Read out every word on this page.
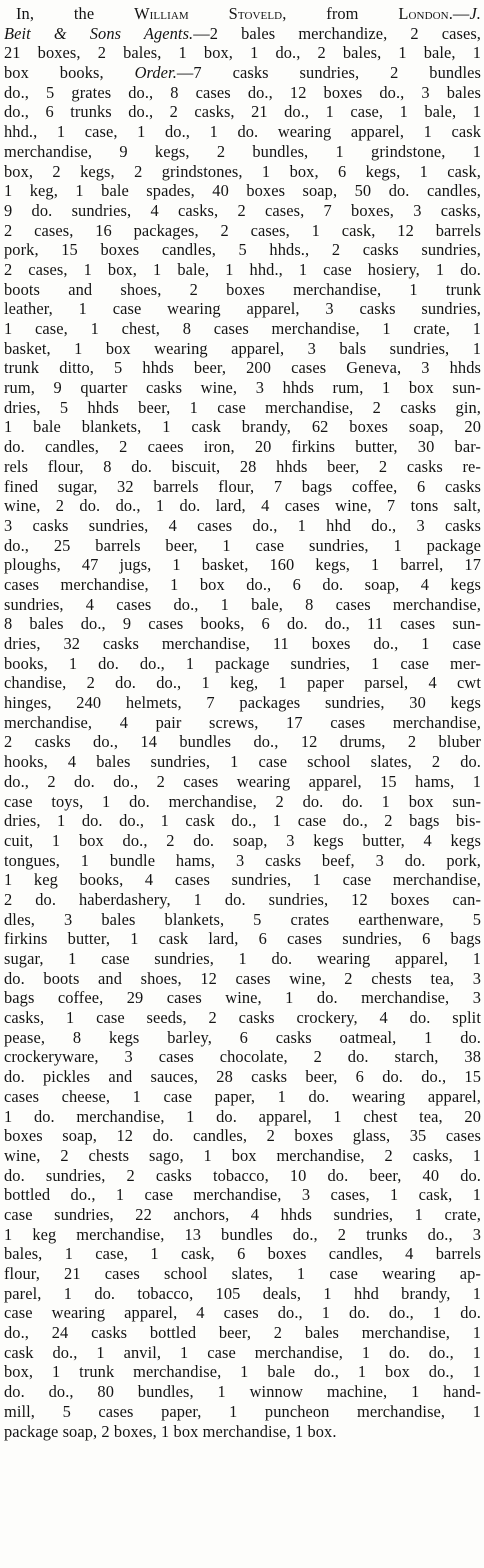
In, the William Stoveld, from London.—J.
Beit & Sons Agents.—2 bales merchandize, 2 cases,
21 boxes, 2 bales, 1 box, 1 do., 2 bales, 1 bale, 1
box books, Order.—7 casks sundries, 2 bundles
do., 5 grates do., 8 cases do., 12 boxes do., 3 bales
do., 6 trunks do., 2 casks, 21 do., 1 case, 1 bale, 1
hhd., 1 case, 1 do., 1 do. wearing apparel, 1 cask
merchandise, 9 kegs, 2 bundles, 1 grindstone, 1
box, 2 kegs, 2 grindstones, 1 box, 6 kegs, 1 cask,
1 keg, 1 bale spades, 40 boxes soap, 50 do. candles,
9 do. sundries, 4 casks, 2 cases, 7 boxes, 3 casks,
2 cases, 16 packages, 2 cases, 1 cask, 12 barrels
pork, 15 boxes candles, 5 hhds., 2 casks sundries,
2 cases, 1 box, 1 bale, 1 hhd., 1 case hosiery, 1 do.
boots and shoes, 2 boxes merchandise, 1 trunk
leather, 1 case wearing apparel, 3 casks sundries,
1 case, 1 chest, 8 cases merchandise, 1 crate, 1
basket, 1 box wearing apparel, 3 bals sundries, 1
trunk ditto, 5 hhds beer, 200 cases Geneva, 3 hhds
rum, 9 quarter casks wine, 3 hhds rum, 1 box sun-
dries, 5 hhds beer, 1 case merchandise, 2 casks gin,
1 bale blankets, 1 cask brandy, 62 boxes soap, 20
do. candles, 2 caees iron, 20 firkins butter, 30 bar-
rels flour, 8 do. biscuit, 28 hhds beer, 2 casks re-
fined sugar, 32 barrels flour, 7 bags coffee, 6 casks
wine, 2 do. do., 1 do. lard, 4 cases wine, 7 tons salt,
3 casks sundries, 4 cases do., 1 hhd do., 3 casks
do., 25 barrels beer, 1 case sundries, 1 package
ploughs, 47 jugs, 1 basket, 160 kegs, 1 barrel, 17
cases merchandise, 1 box do., 6 do. soap, 4 kegs
sundries, 4 cases do., 1 bale, 8 cases merchandise,
8 bales do., 9 cases books, 6 do. do., 11 cases sun-
dries, 32 casks merchandise, 11 boxes do., 1 case
books, 1 do. do., 1 package sundries, 1 case mer-
chandise, 2 do. do., 1 keg, 1 paper parsel, 4 cwt
hinges, 240 helmets, 7 packages sundries, 30 kegs
merchandise, 4 pair screws, 17 cases merchandise,
2 casks do., 14 bundles do., 12 drums, 2 bluber
hooks, 4 bales sundries, 1 case school slates, 2 do.
do., 2 do. do., 2 cases wearing apparel, 15 hams, 1
case toys, 1 do. merchandise, 2 do. do. 1 box sun-
dries, 1 do. do., 1 cask do., 1 case do., 2 bags bis-
cuit, 1 box do., 2 do. soap, 3 kegs butter, 4 kegs
tongues, 1 bundle hams, 3 casks beef, 3 do. pork,
1 keg books, 4 cases sundries, 1 case merchandise,
2 do. haberdashery, 1 do. sundries, 12 boxes can-
dles, 3 bales blankets, 5 crates earthenware, 5
firkins butter, 1 cask lard, 6 cases sundries, 6 bags
sugar, 1 case sundries, 1 do. wearing apparel, 1
do. boots and shoes, 12 cases wine, 2 chests tea, 3
bags coffee, 29 cases wine, 1 do. merchandise, 3
casks, 1 case seeds, 2 casks crockery, 4 do. split
pease, 8 kegs barley, 6 casks oatmeal, 1 do.
crockeryware, 3 cases chocolate, 2 do. starch, 38
do. pickles and sauces, 28 casks beer, 6 do. do., 15
cases cheese, 1 case paper, 1 do. wearing apparel,
1 do. merchandise, 1 do. apparel, 1 chest tea, 20
boxes soap, 12 do. candles, 2 boxes glass, 35 cases
wine, 2 chests sago, 1 box merchandise, 2 casks, 1
do. sundries, 2 casks tobacco, 10 do. beer, 40 do.
bottled do., 1 case merchandise, 3 cases, 1 cask, 1
case sundries, 22 anchors, 4 hhds sundries, 1 crate,
1 keg merchandise, 13 bundles do., 2 trunks do., 3
bales, 1 case, 1 cask, 6 boxes candles, 4 barrels
flour, 21 cases school slates, 1 case wearing ap-
parel, 1 do. tobacco, 105 deals, 1 hhd brandy, 1
case wearing apparel, 4 cases do., 1 do. do., 1 do.
do., 24 casks bottled beer, 2 bales merchandise, 1
cask do., 1 anvil, 1 case merchandise, 1 do. do., 1
box, 1 trunk merchandise, 1 bale do., 1 box do., 1
do. do., 80 bundles, 1 winnow machine, 1 hand-
mill, 5 cases paper, 1 puncheon merchandise, 1
package soap, 2 boxes, 1 box merchandise, 1 box.
